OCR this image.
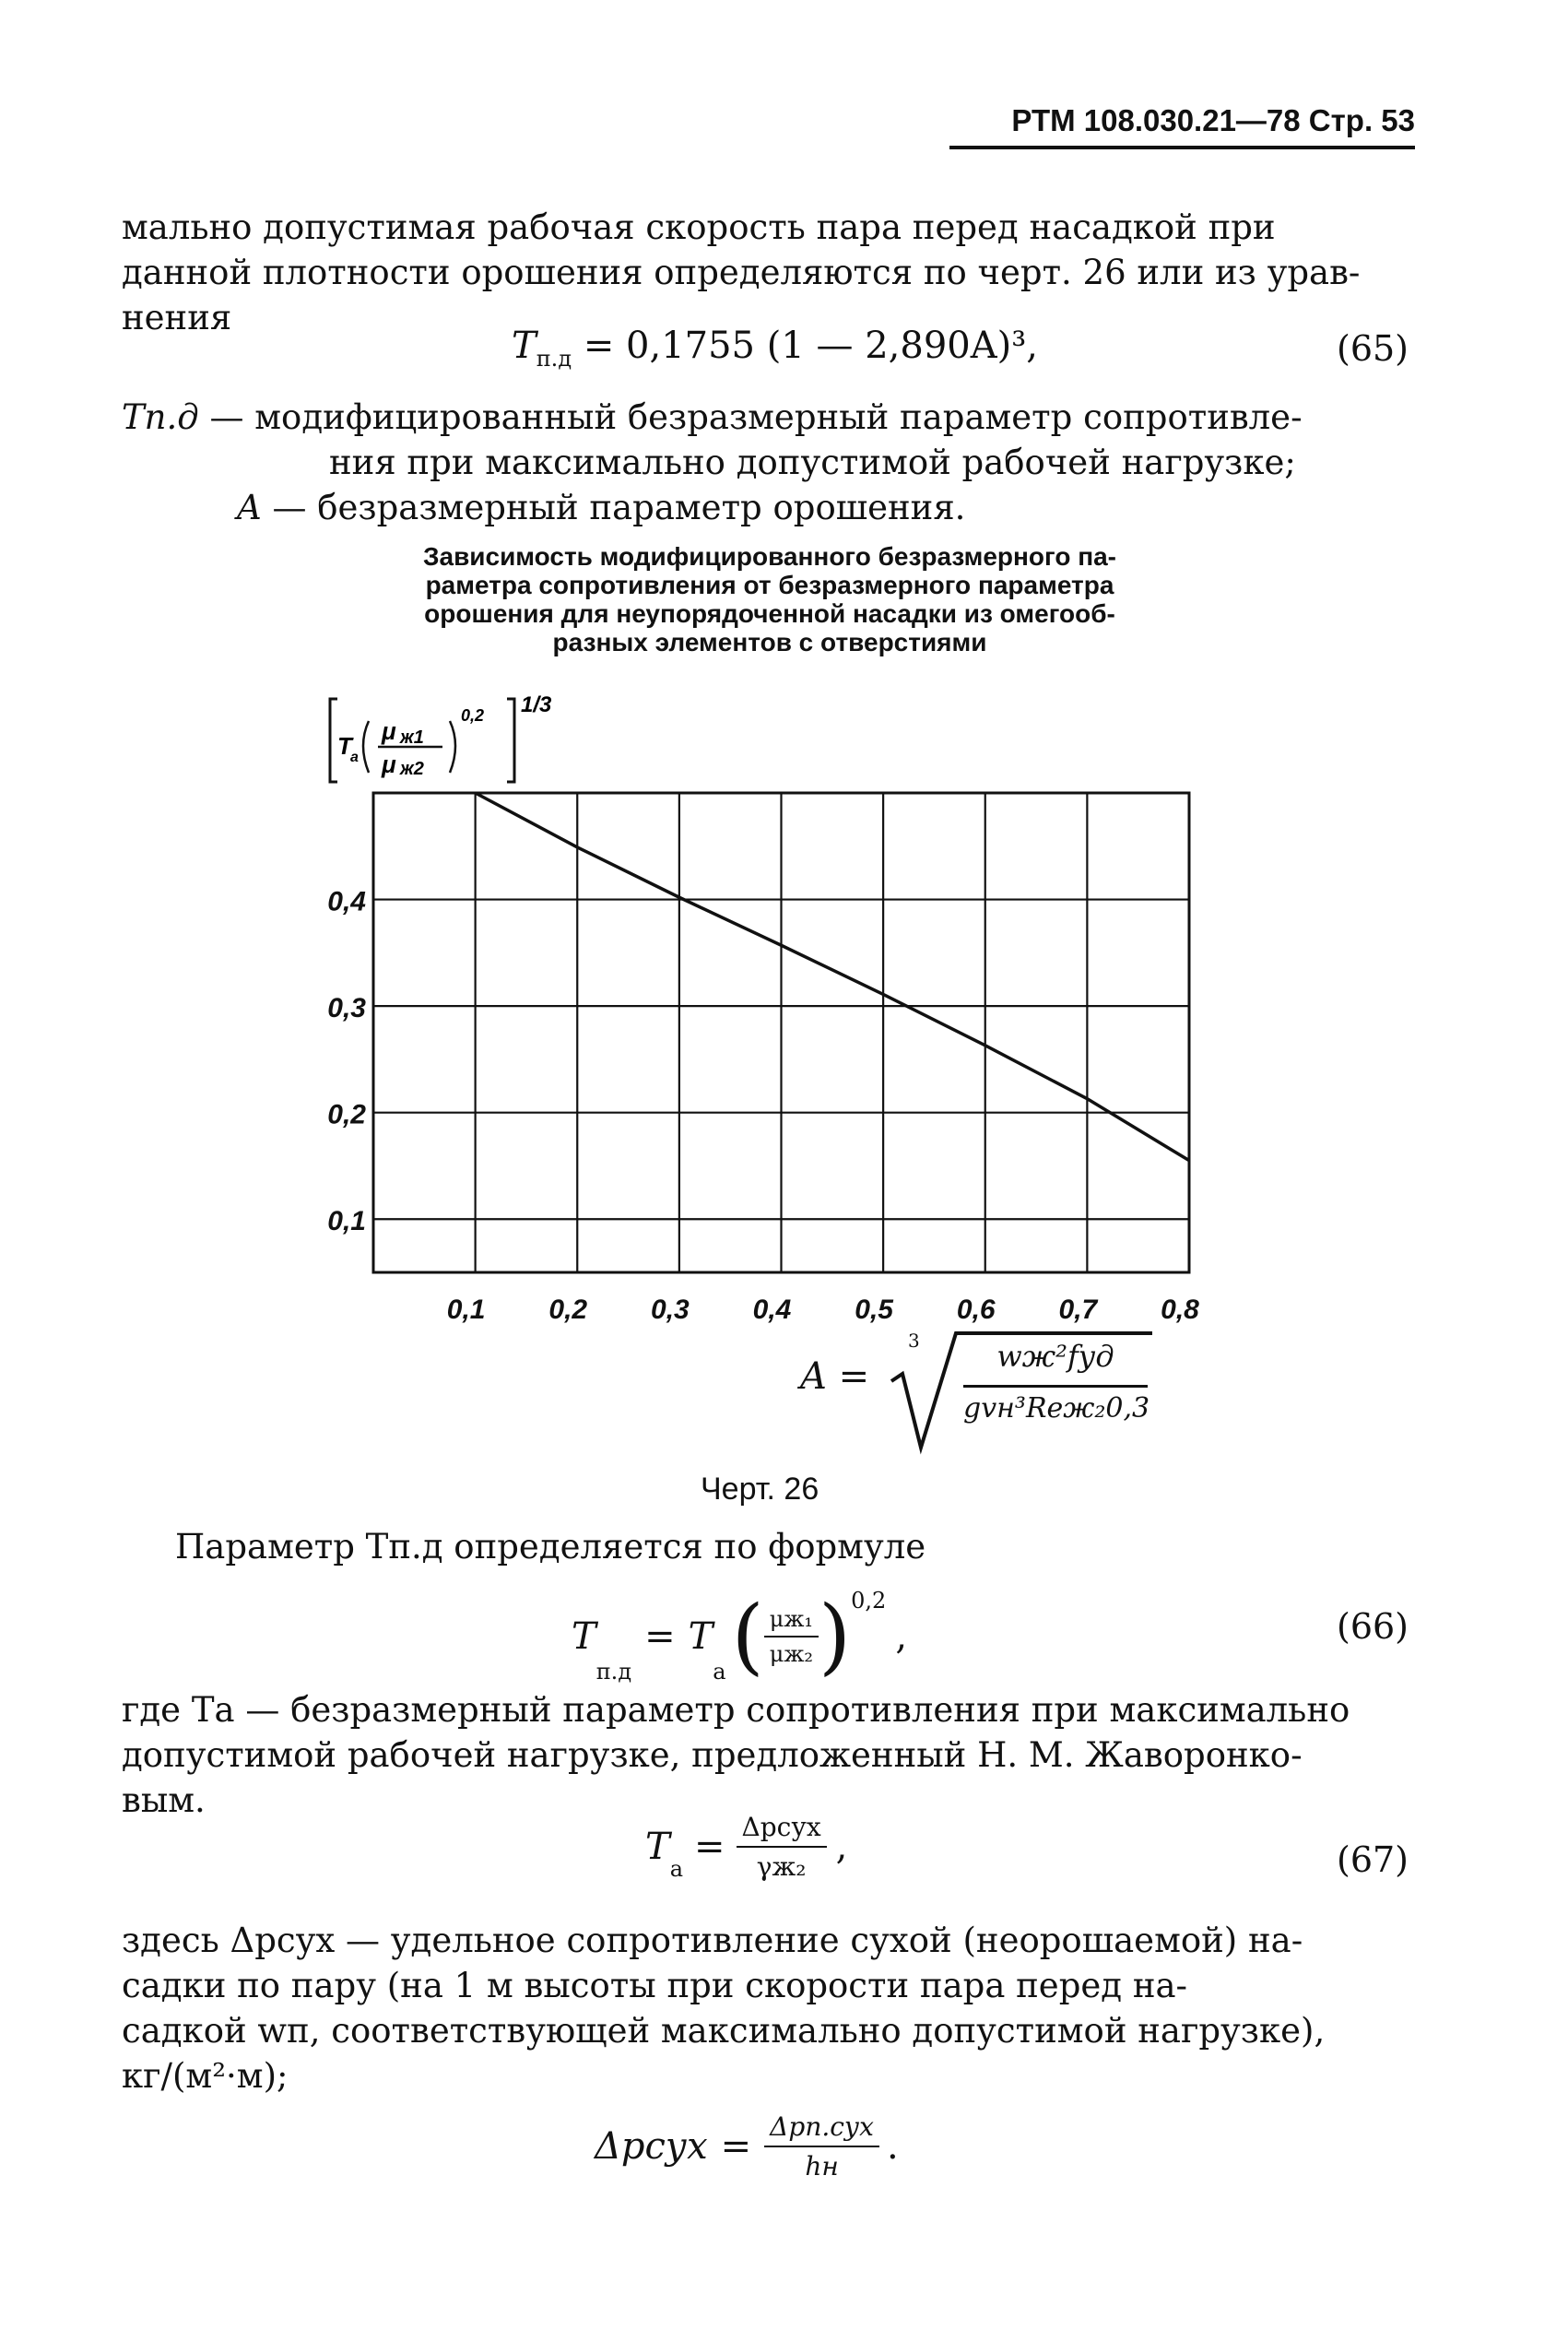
РТМ 108.030.21—78 Стр. 53
мально допустимая рабочая скорость пара перед насадкой при
данной плотности орошения определяются по черт. 26 или из урав-
нения
$T_{п.д} = 0,1755$ (1 — 2,890A)³,	(65)
Tп.д — модифицированный безразмерный параметр сопротивле-
ния при максимально допустимой рабочей нагрузке;
A — безразмерный параметр орошения.
Зависимость модифицированного безразмерного па-
раметра сопротивления от безразмерного параметра
орошения для неупорядоченной насадки из омегооб-
разных элементов с отверстиями
T
a
μ ж1
μ ж2
0,2 1/3
0,1
0,2
0,3
0,4
0,1 0,2 0,3 0,4 0,5 0,6 0,7 0,8
A =
3	wж²fуд
gvн³Reж₂0,3
Черт. 26
Параметр Tп.д определяется по формуле
T
п.д
= T
а ( $\frac{\text{μж₁}}{\text{μж₂}} )^{0,2}$
,	(66)
где Tа — безразмерный параметр сопротивления при максимально
допустимой рабочей нагрузке, предложенный Н. М. Жаворонко-
вым.
T
$_а$
= $\frac{\text{Δpсух}}{\text{γж₂}}$ ,	(67)
здесь Δpсух — удельное сопротивление сухой (неорошаемой) на-
садки по пару (на 1 м высоты при скорости пара перед на-
садкой wп, соответствующей максимально допустимой нагрузке),
кг/(м²·м);
Δpсух = $\frac{\text{Δpп.сух}}{hн}$ .
